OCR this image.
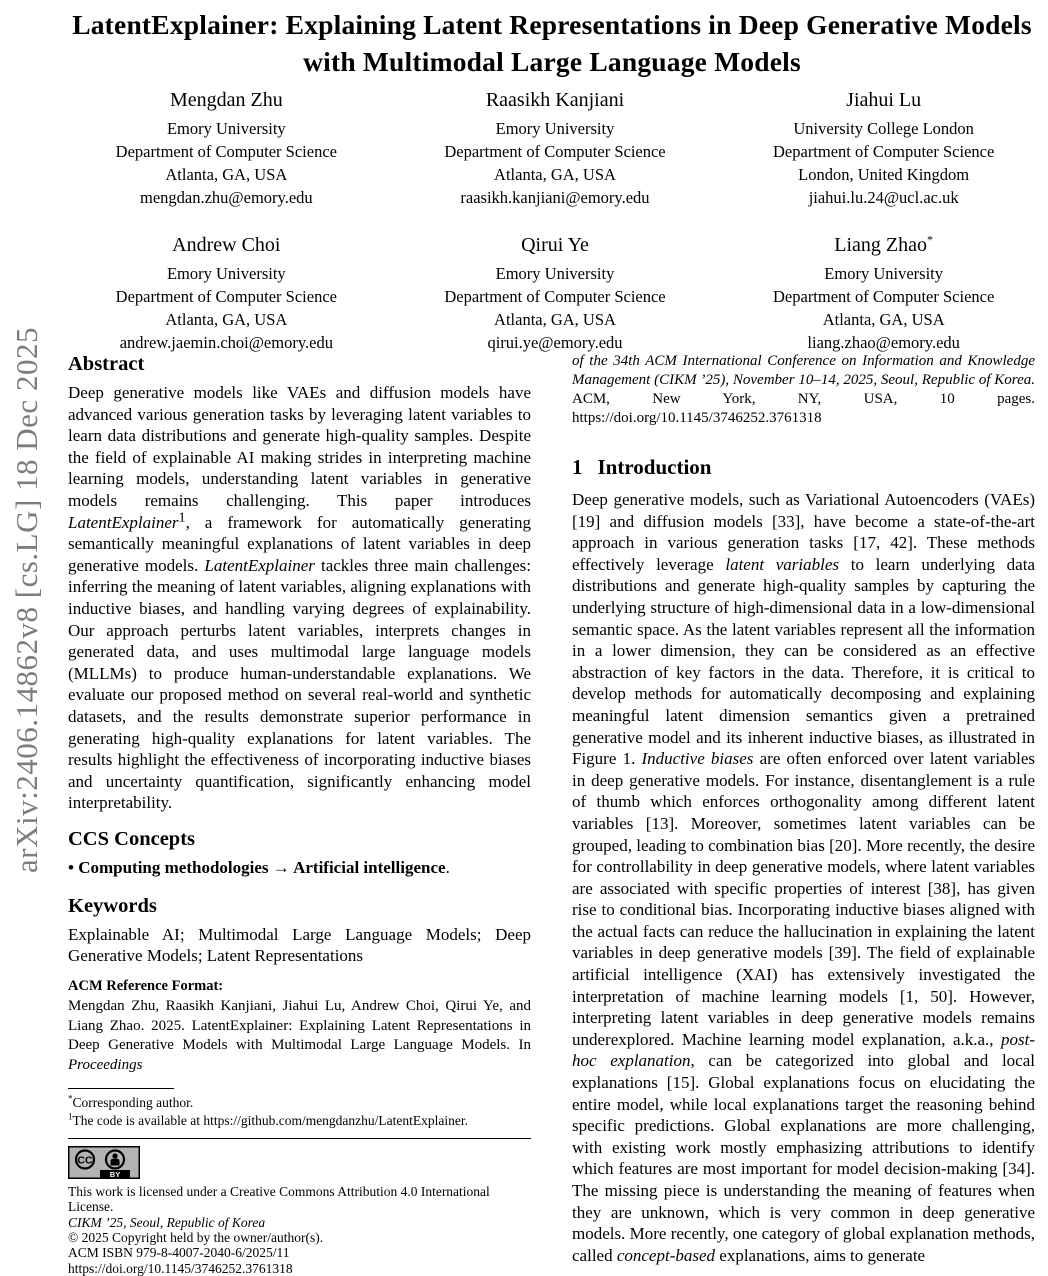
arXiv:2406.14862v8 [cs.LG] 18 Dec 2025
LatentExplainer: Explaining Latent Representations in Deep Generative Models with Multimodal Large Language Models
Mengdan Zhu
Emory University
Department of Computer Science
Atlanta, GA, USA
mengdan.zhu@emory.edu
Raasikh Kanjiani
Emory University
Department of Computer Science
Atlanta, GA, USA
raasikh.kanjiani@emory.edu
Jiahui Lu
University College London
Department of Computer Science
London, United Kingdom
jiahui.lu.24@ucl.ac.uk
Andrew Choi
Emory University
Department of Computer Science
Atlanta, GA, USA
andrew.jaemin.choi@emory.edu
Qirui Ye
Emory University
Department of Computer Science
Atlanta, GA, USA
qirui.ye@emory.edu
Liang Zhao*
Emory University
Department of Computer Science
Atlanta, GA, USA
liang.zhao@emory.edu
Abstract

Deep generative models like VAEs and diffusion models have advanced various generation tasks by leveraging latent variables to learn data distributions and generate high-quality samples. Despite the field of explainable AI making strides in interpreting machine learning models, understanding latent variables in generative models remains challenging. This paper introduces LatentExplainer$^1$, a framework for automatically generating semantically meaningful explanations of latent variables in deep generative models. LatentExplainer tackles three main challenges: inferring the meaning of latent variables, aligning explanations with inductive biases, and handling varying degrees of explainability. Our approach perturbs latent variables, interprets changes in generated data, and uses multimodal large language models (MLLMs) to produce human-understandable explanations. We evaluate our proposed method on several real-world and synthetic datasets, and the results demonstrate superior performance in generating high-quality explanations for latent variables. The results highlight the effectiveness of incorporating inductive biases and uncertainty quantification, significantly enhancing model interpretability.

CCS Concepts

• Computing methodologies → Artificial intelligence.

Keywords

Explainable AI; Multimodal Large Language Models; Deep Generative Models; Latent Representations

ACM Reference Format:

Mengdan Zhu, Raasikh Kanjiani, Jiahui Lu, Andrew Choi, Qirui Ye, and Liang Zhao. 2025. LatentExplainer: Explaining Latent Representations in Deep Generative Models with Multimodal Large Language Models. In Proceedings

*Corresponding author.

$^1$The code is available at https://github.com/mengdanzhu/LatentExplainer.

CC
BY

This work is licensed under a Creative Commons Attribution 4.0 International License.

CIKM ’25, Seoul, Republic of Korea

© 2025 Copyright held by the owner/author(s).

ACM ISBN 979-8-4007-2040-6/2025/11

https://doi.org/10.1145/3746252.3761318

of the 34th ACM International Conference on Information and Knowledge Management (CIKM ’25), November 10–14, 2025, Seoul, Republic of Korea. ACM, New York, NY, USA, 10 pages. https://doi.org/10.1145/3746252.3761318

1 Introduction

Deep generative models, such as Variational Autoencoders (VAEs) [19] and diffusion models [33], have become a state-of-the-art approach in various generation tasks [17, 42]. These methods effectively leverage latent variables to learn underlying data distributions and generate high-quality samples by capturing the underlying structure of high-dimensional data in a low-dimensional semantic space. As the latent variables represent all the information in a lower dimension, they can be considered as an effective abstraction of key factors in the data. Therefore, it is critical to develop methods for automatically decomposing and explaining meaningful latent dimension semantics given a pretrained generative model and its inherent inductive biases, as illustrated in Figure 1. Inductive biases are often enforced over latent variables in deep generative models. For instance, disentanglement is a rule of thumb which enforces orthogonality among different latent variables [13]. Moreover, sometimes latent variables can be grouped, leading to combination bias [20]. More recently, the desire for controllability in deep generative models, where latent variables are associated with specific properties of interest [38], has given rise to conditional bias. Incorporating inductive biases aligned with the actual facts can reduce the hallucination in explaining the latent variables in deep generative models [39]. The field of explainable artificial intelligence (XAI) has extensively investigated the interpretation of machine learning models [1, 50]. However, interpreting latent variables in deep generative models remains underexplored. Machine learning model explanation, a.k.a., post-hoc explanation, can be categorized into global and local explanations [15]. Global explanations focus on elucidating the entire model, while local explanations target the reasoning behind specific predictions. Global explanations are more challenging, with existing work mostly emphasizing attributions to identify which features are most important for model decision-making [34]. The missing piece is understanding the meaning of features when they are unknown, which is very common in deep generative models. More recently, one category of global explanation methods, called concept-based explanations, aims to generate
